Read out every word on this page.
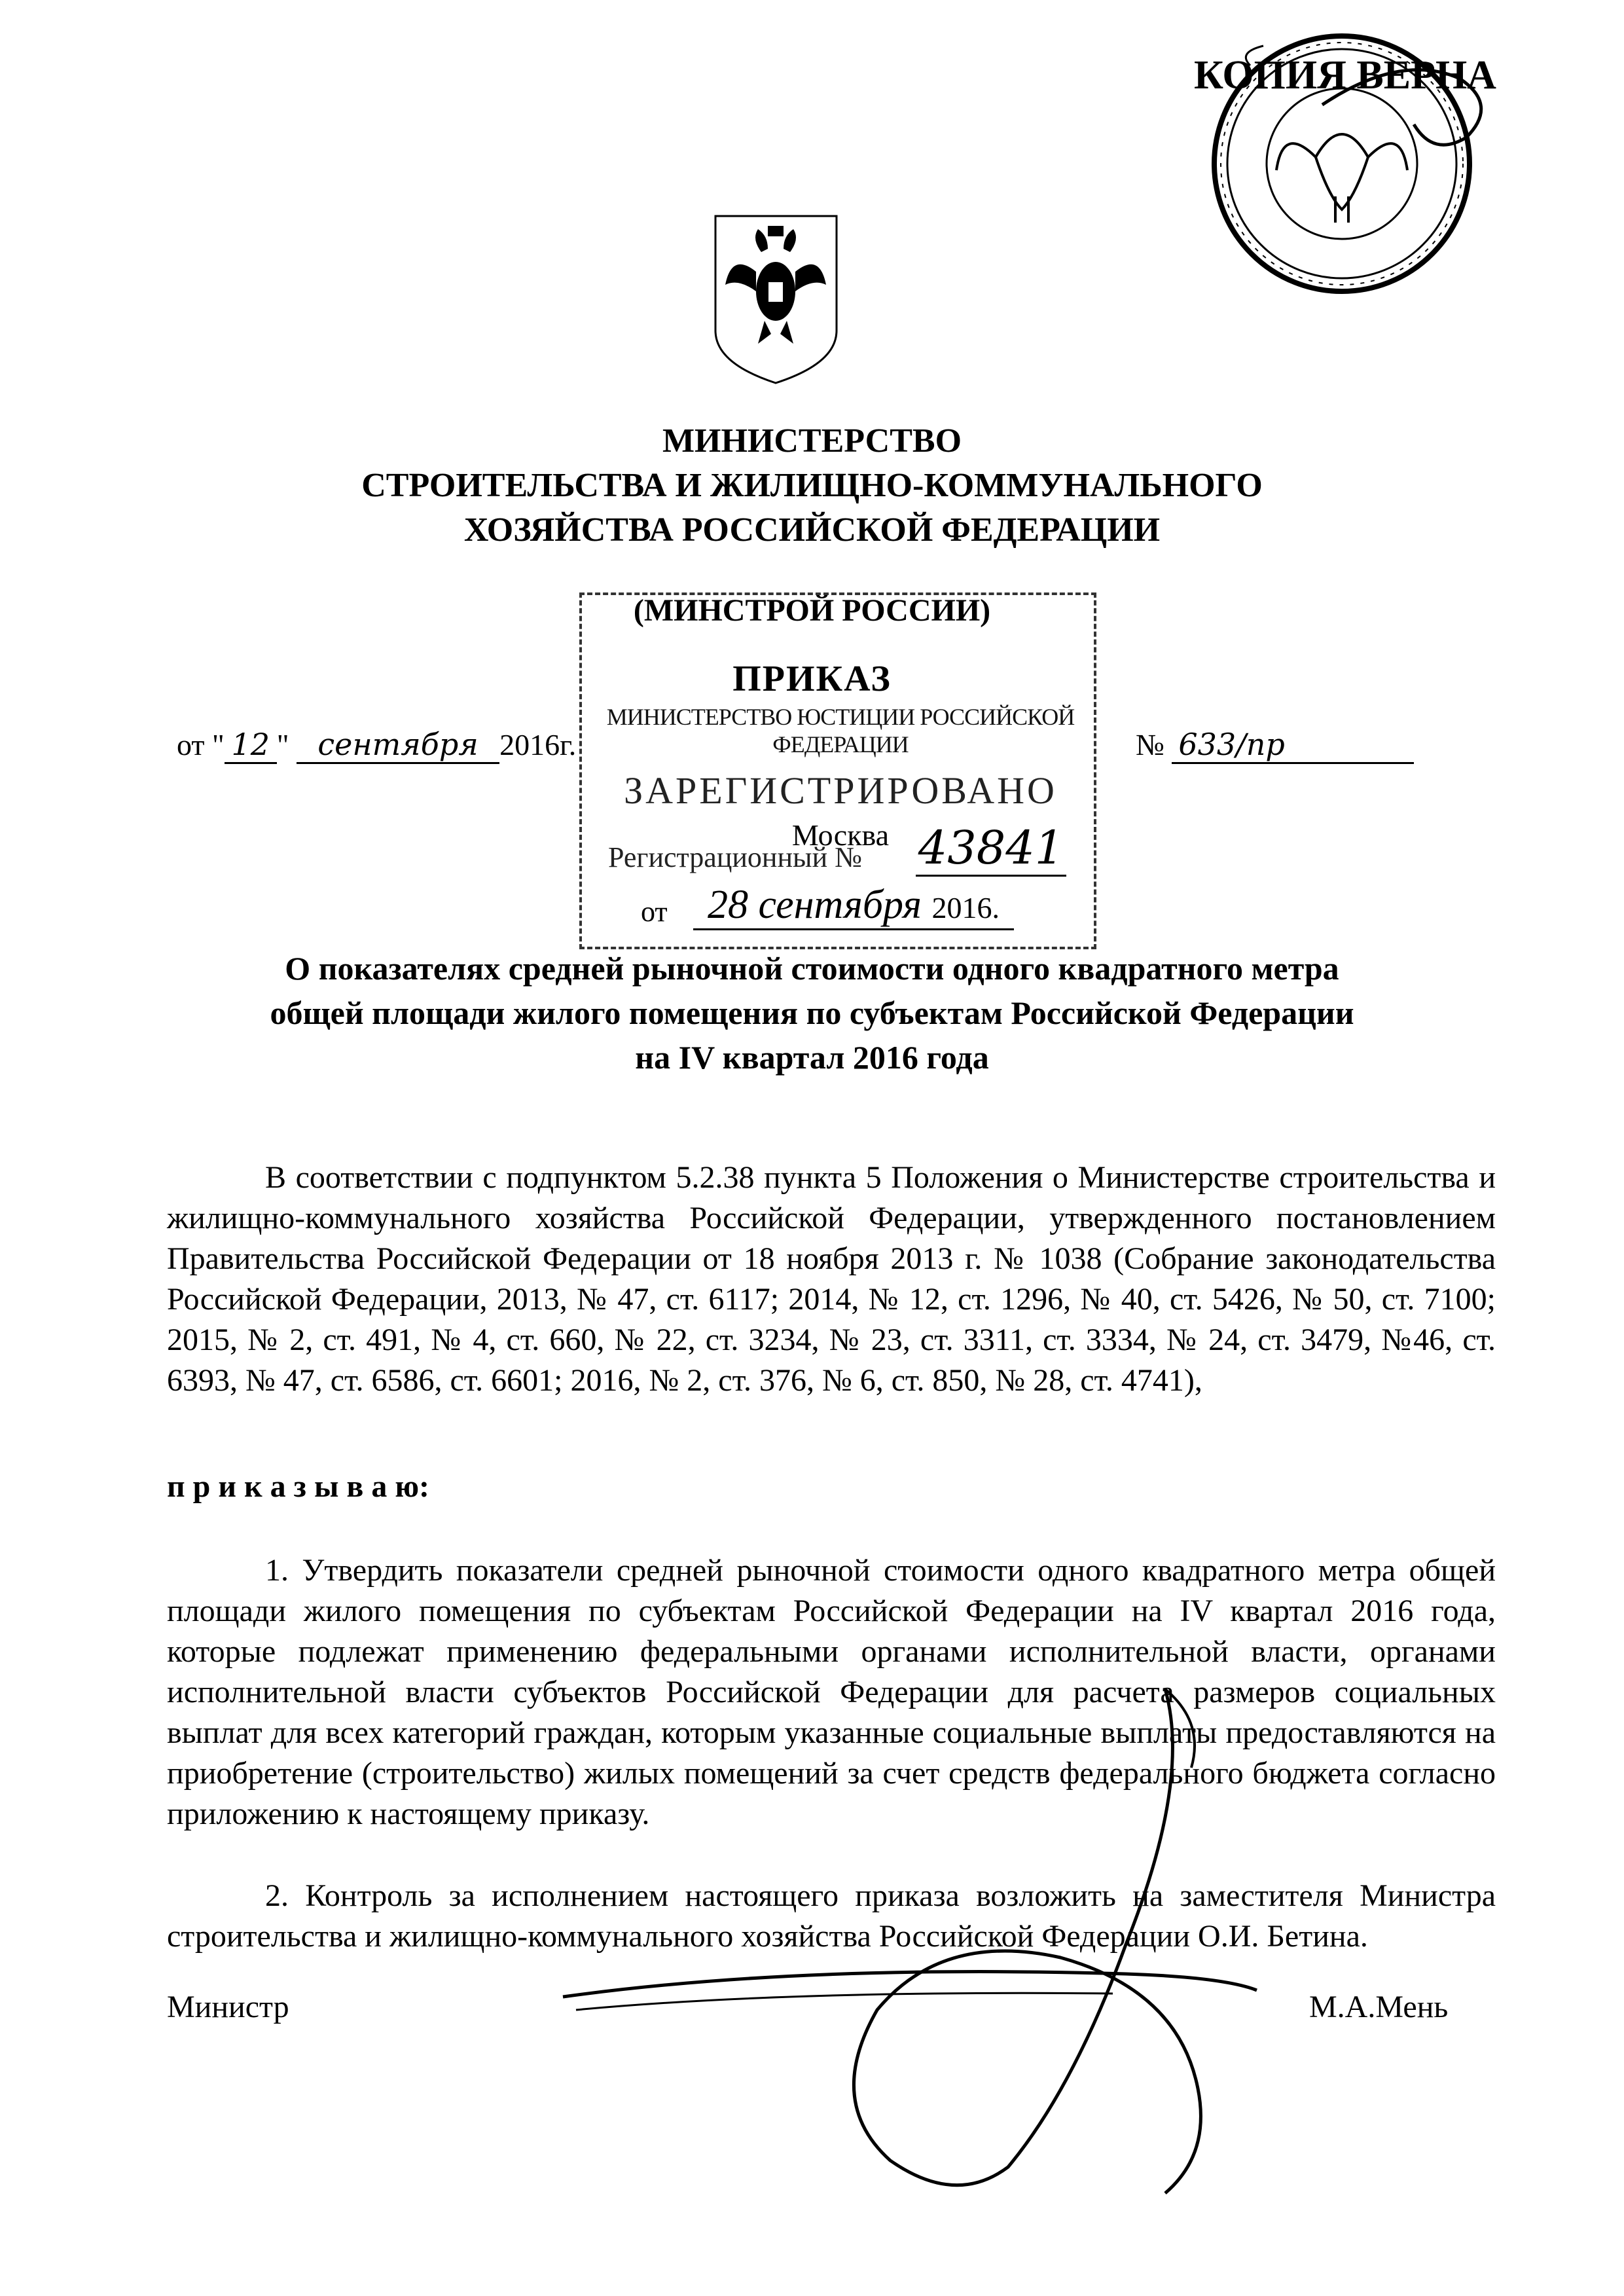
КОПИЯ ВЕРНА
МИНИСТЕРСТВО
СТРОИТЕЛЬСТВА И ЖИЛИЩНО-КОММУНАЛЬНОГО
ХОЗЯЙСТВА РОССИЙСКОЙ ФЕДЕРАЦИИ
(МИНСТРОЙ РОССИИ)
ПРИКАЗ
МИНИСТЕРСТВО ЮСТИЦИИ РОССИЙСКОЙ ФЕДЕРАЦИИ
ЗАРЕГИСТРИРОВАНО
Москва
Регистрационный № 43841
от 28 сентября 2016.
от " 12 " сентября 2016г.	№ 633/пр
О показателях средней рыночной стоимости одного квадратного метра
общей площади жилого помещения по субъектам Российской Федерации
на IV квартал 2016 года
В соответствии с подпунктом 5.2.38 пункта 5 Положения о Министерстве строительства и жилищно-коммунального хозяйства Российской Федерации, утвержденного постановлением Правительства Российской Федерации от 18 ноября 2013 г. № 1038 (Собрание законодательства Российской Федерации, 2013, № 47, ст. 6117; 2014, № 12, ст. 1296, № 40, ст. 5426, № 50, ст. 7100; 2015, № 2, ст. 491, № 4, ст. 660, № 22, ст. 3234, № 23, ст. 3311, ст. 3334, № 24, ст. 3479, №46, ст. 6393, № 47, ст. 6586, ст. 6601; 2016, № 2, ст. 376, № 6, ст. 850, № 28, ст. 4741),
п р и к а з ы в а ю:
1. Утвердить показатели средней рыночной стоимости одного квадратного метра общей площади жилого помещения по субъектам Российской Федерации на IV квартал 2016 года, которые подлежат применению федеральными органами исполнительной власти, органами исполнительной власти субъектов Российской Федерации для расчета размеров социальных выплат для всех категорий граждан, которым указанные социальные выплаты предоставляются на приобретение (строительство) жилых помещений за счет средств федерального бюджета согласно приложению к настоящему приказу.
2. Контроль за исполнением настоящего приказа возложить на заместителя Министра строительства и жилищно-коммунального хозяйства Российской Федерации О.И. Бетина.
Министр	М.А.Мень
